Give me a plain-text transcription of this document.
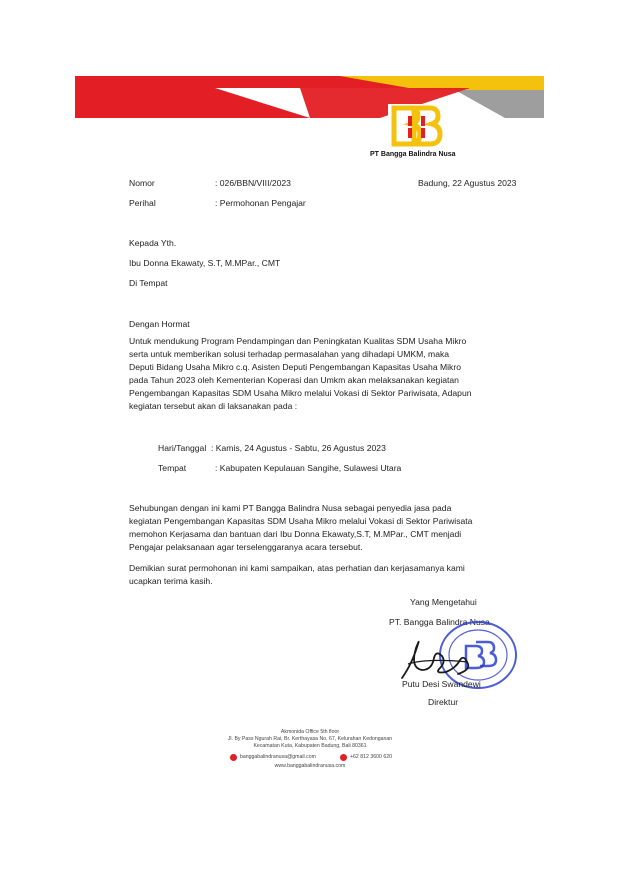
PT Bangga Balindra Nusa
Nomor	: 026/BBN/VIII/2023	Badung, 22 Agustus 2023
Perihal	: Permohonan Pengajar
Kepada Yth.
Ibu Donna Ekawaty, S.T, M.MPar., CMT
Di Tempat
Dengan Hormat
Untuk mendukung Program Pendampingan dan Peningkatan Kualitas SDM Usaha Mikro
serta untuk memberikan solusi terhadap permasalahan yang dihadapi UMKM, maka
Deputi Bidang Usaha Mikro c.q. Asisten Deputi Pengembangan Kapasitas Usaha Mikro
pada Tahun 2023 oleh Kementerian Koperasi dan Umkm akan melaksanakan kegiatan
Pengembangan Kapasitas SDM Usaha Mikro melalui Vokasi di Sektor Pariwisata, Adapun
kegiatan tersebut akan di laksanakan pada :
Hari/Tanggal : Kamis, 24 Agustus - Sabtu, 26 Agustus 2023
Tempat	: Kabupaten Kepulauan Sangihe, Sulawesi Utara
Sehubungan dengan ini kami PT Bangga Balindra Nusa sebagai penyedia jasa pada
kegiatan Pengembangan Kapasitas SDM Usaha Mikro melalui Vokasi di Sektor Pariwisata
memohon Kerjasama dan bantuan dari Ibu Donna Ekawaty,S.T, M.MPar., CMT menjadi
Pengajar pelaksanaan agar terselenggaranya acara tersebut.
Demikian surat permohonan ini kami sampaikan, atas perhatian dan kerjasamanya kami
ucapkan terima kasih.
Yang Mengetahui
PT. Bangga Balindra Nusa
Putu Desi Swandewi
Direktur
Akmonida Office 5th floor
Jl. By Pass Ngurah Rai, Br. Kerthayasa No. 67, Kelurahan Kedonganan
Kecamatan Kuta, Kabupaten Badung, Bali 80361
banggabalindranusa@gmail.com	+62 812 3600 620
www.banggabalindranusa.com
